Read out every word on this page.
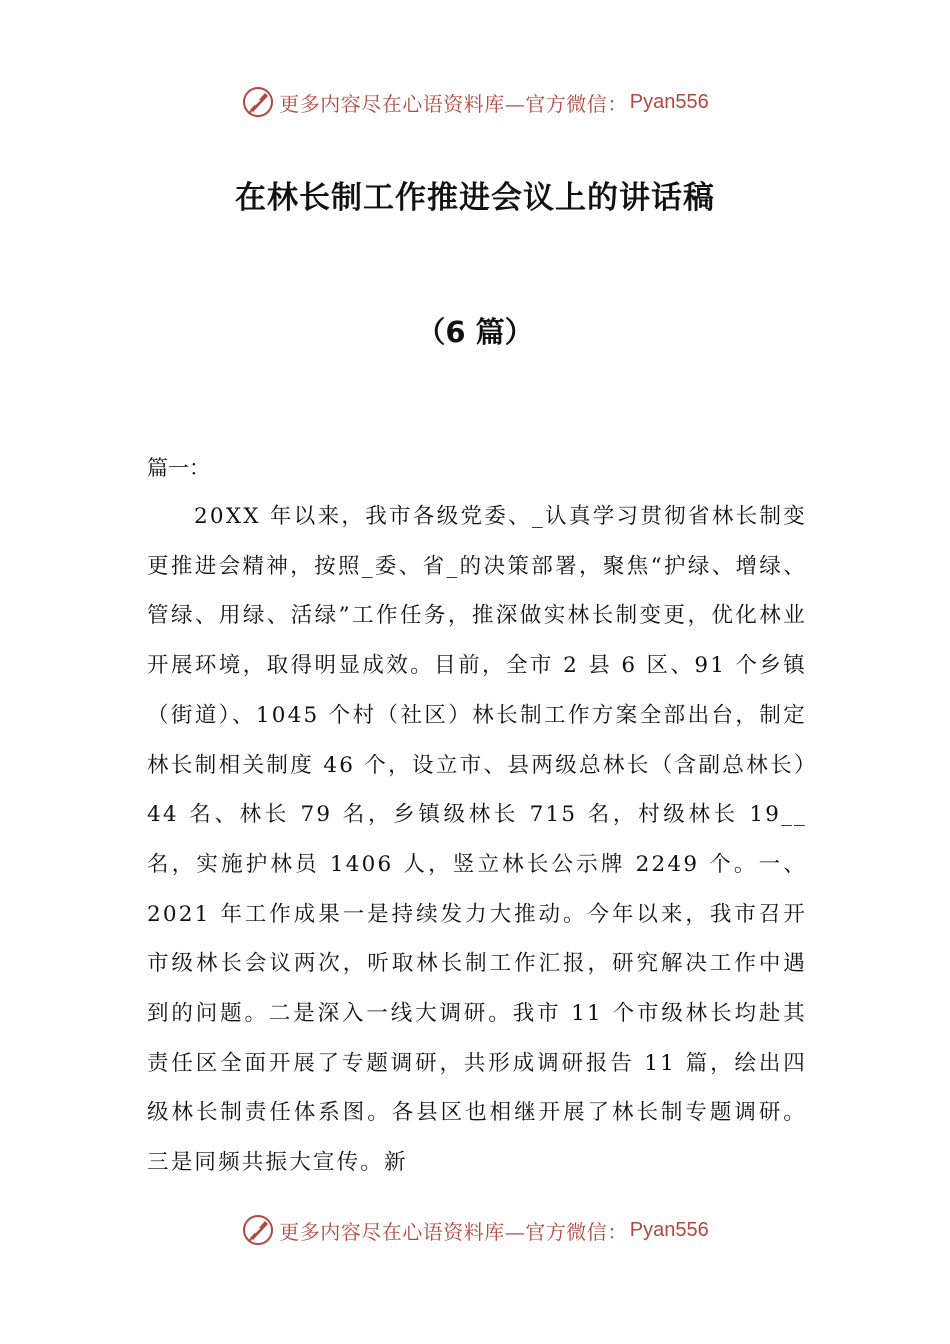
更多内容尽在心语资料库—官方微信： Pyan556
在林长制工作推进会议上的讲话稿
（6 篇）

篇一：

20XX 年以来，我市各级党委、_认真学习贯彻省林长制变更推进会精神，按照_委、省_的决策部署，聚焦“护绿、增绿、管绿、用绿、活绿”工作任务，推深做实林长制变更，优化林业开展环境，取得明显成效。目前，全市 2 县 6 区、91 个乡镇（街道）、1045 个村（社区）林长制工作方案全部出台，制定林长制相关制度 46 个，设立市、县两级总林长（含副总林长）44 名、林长 79 名，乡镇级林长 715 名，村级林长 19__名，实施护林员 1406 人，竖立林长公示牌 2249 个。一、2021 年工作成果一是持续发力大推动。今年以来，我市召开市级林长会议两次，听取林长制工作汇报，研究解决工作中遇到的问题。二是深入一线大调研。我市 11 个市级林长均赴其责任区全面开展了专题调研，共形成调研报告 11 篇，绘出四级林长制责任体系图。各县区也相继开展了林长制专题调研。三是同频共振大宣传。新

更多内容尽在心语资料库—官方微信： Pyan556
